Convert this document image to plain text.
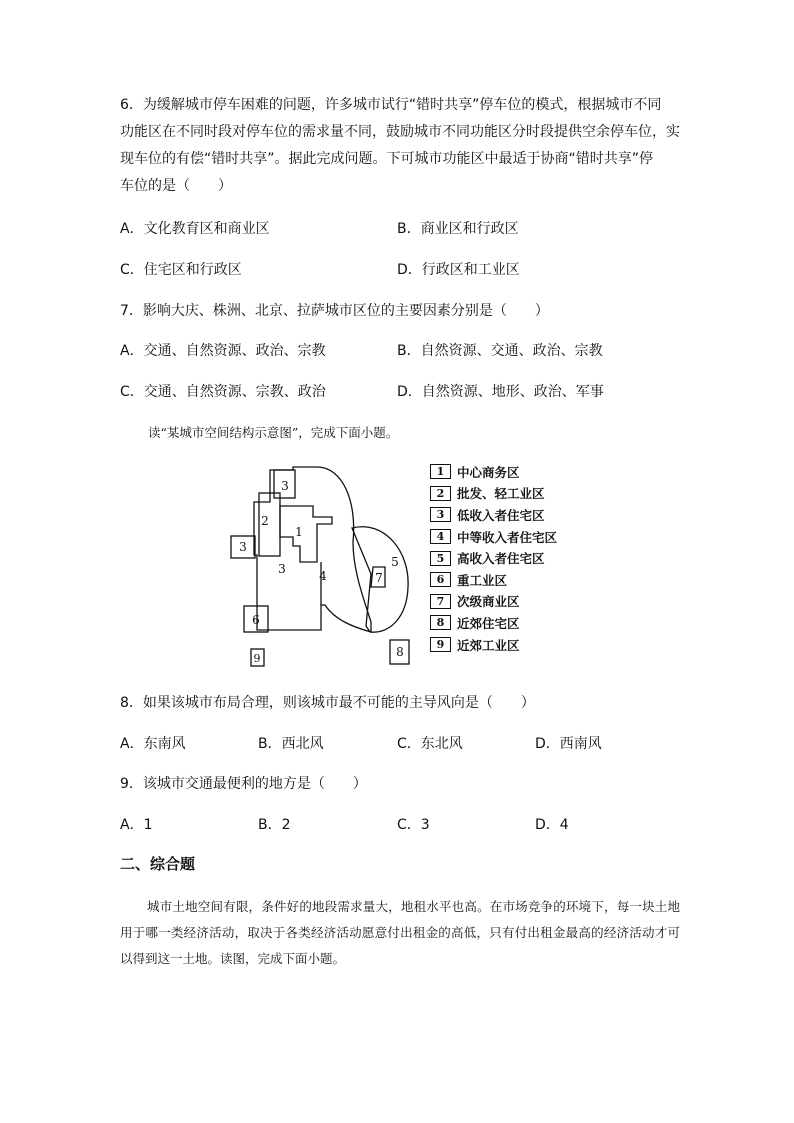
6．为缓解城市停车困难的问题，许多城市试行“错时共享”停车位的模式，根据城市不同
功能区在不同时段对停车位的需求量不同，鼓励城市不同功能区分时段提供空余停车位，实
现车位的有偿“错时共享”。据此完成问题。下可城市功能区中最适于协商“错时共享”停
车位的是（　　）
A．文化教育区和商业区	B．商业区和行政区
C．住宅区和行政区	D．行政区和工业区
7．影响大庆、株洲、北京、拉萨城市区位的主要因素分别是（　　）
A．交通、自然资源、政治、宗教	B．自然资源、交通、政治、宗教
C．交通、自然资源、宗教、政治	D．自然资源、地形、政治、军事
读“某城市空间结构示意图”，完成下面小题。
1
2
3
3
3	4
5
6
7
8
9
1	中心商务区
2	批发、轻工业区
3	低收入者住宅区
4	中等收入者住宅区
5	高收入者住宅区
6	重工业区
7	次级商业区
8	近郊住宅区
9	近郊工业区
8．如果该城市布局合理，则该城市最不可能的主导风向是（　　）
A．东南风	B．西北风	C．东北风	D．西南风
9．该城市交通最便利的地方是（　　）
A．1	B．2	C．3	D．4
二、综合题
城市土地空间有限，条件好的地段需求量大，地租水平也高。在市场竞争的环境下，每一块土地用于哪一类经济活动，取决于各类经济活动愿意付出租金的高低，只有付出租金最高的经济活动才可以得到这一土地。读图，完成下面小题。
